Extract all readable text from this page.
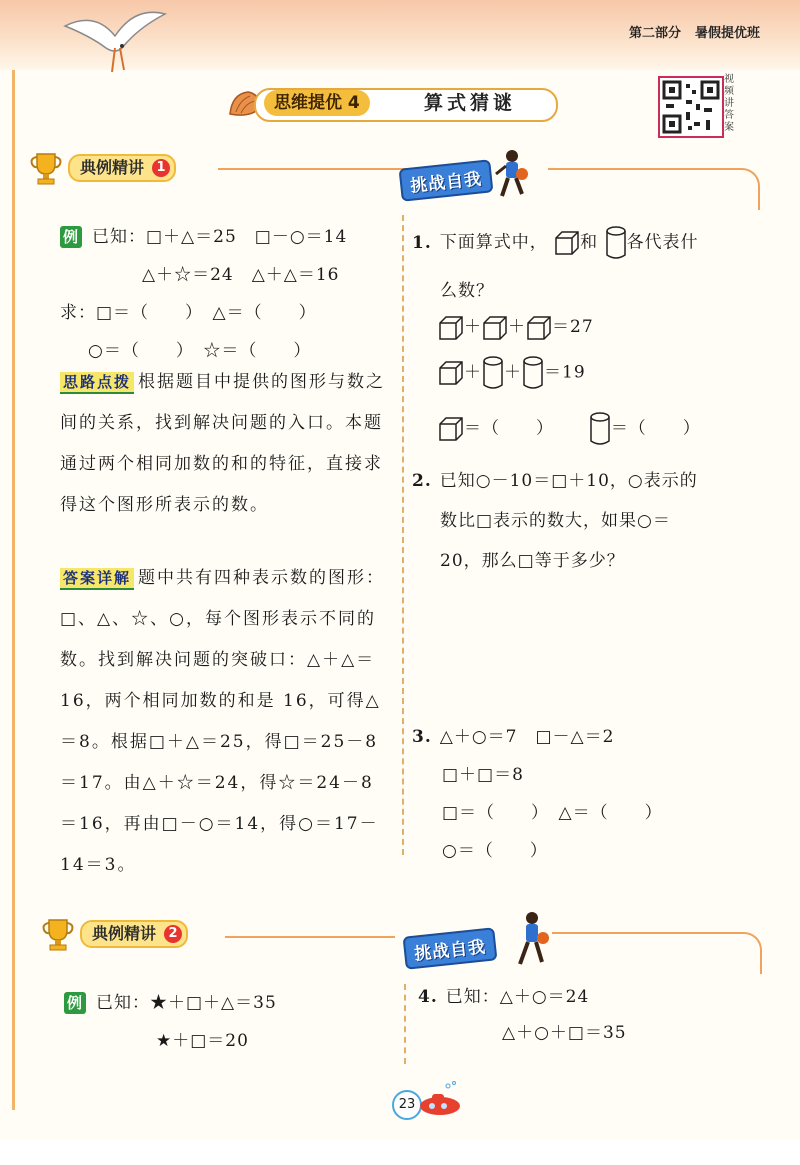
第二部分 暑假提优班
思维提优 4	算式猜谜
视频讲答案
典例精讲 1
挑战自我
例 已知：□＋△＝25　□－○＝14
△＋☆＝24　△＋△＝16
求：□＝（　　）　△＝（　　）
○＝（　　）　☆＝（　　）
思路点拨 根据题目中提供的图形与数之间的关系，找到解决问题的入口。本题通过两个相同加数的和的特征，直接求得这个图形所表示的数。
答案详解 题中共有四种表示数的图形：□、△、☆、○，每个图形表示不同的数。找到解决问题的突破口：△＋△＝16，两个相同加数的和是 16，可得△＝8。根据□＋△＝25，得□＝25－8＝17。由△＋☆＝24，得☆＝24－8＝16，再由□－○＝14，得○＝17－14＝3。
1. 下面算式中， 和 各代表什
么数？
＋ ＋ ＝27
＋ ＋ ＝19
＝（　　）	＝（　　）
2. 已知○－10＝□＋10，○表示的
数比□表示的数大，如果○＝
20，那么□等于多少？
3. △＋○＝7　□－△＝2
□＋□＝8
□＝（　　）　△＝（　　）
○＝（　　）
典例精讲 2
挑战自我
例 已知：★＋□＋△＝35
★＋□＝20
4. 已知：△＋○＝24
△＋○＋□＝35
23
